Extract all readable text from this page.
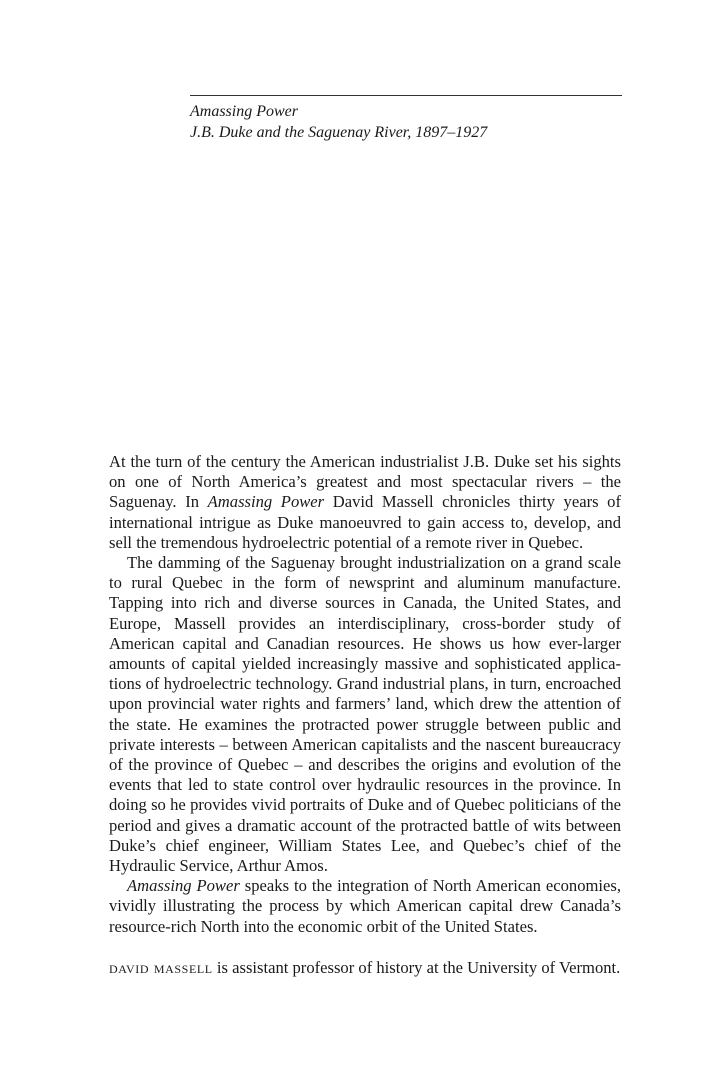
Amassing Power
J.B. Duke and the Saguenay River, 1897–1927

At the turn of the century the American industrialist J.B. Duke set his sights on one of North America’s greatest and most spectacular rivers – the Saguenay. In Amassing Power David Massell chronicles thirty years of international intrigue as Duke manoeuvred to gain access to, develop, and sell the tremendous hydroelectric potential of a remote river in Quebec.

The damming of the Saguenay brought industrialization on a grand scale to rural Quebec in the form of newsprint and aluminum manufacture. Tapping into rich and diverse sources in Canada, the United States, and Europe, Massell provides an interdisciplinary, cross-border study of American capital and Canadian resources. He shows us how ever-larger amounts of capital yielded increasingly massive and sophisticated applications of hydroelectric technology. Grand industrial plans, in turn, encroached upon provincial water rights and farmers’ land, which drew the attention of the state. He examines the protracted power struggle between public and private interests – between American capitalists and the nascent bureaucracy of the province of Quebec – and describes the origins and evolution of the events that led to state control over hydraulic resources in the province. In doing so he provides vivid portraits of Duke and of Quebec politicians of the period and gives a dramatic account of the protracted battle of wits between Duke’s chief engineer, William States Lee, and Quebec’s chief of the Hydraulic Service, Arthur Amos.

Amassing Power speaks to the integration of North American economies, vividly illustrating the process by which American capital drew Canada’s resource-rich North into the economic orbit of the United States.

david massell is assistant professor of history at the University of Vermont.
